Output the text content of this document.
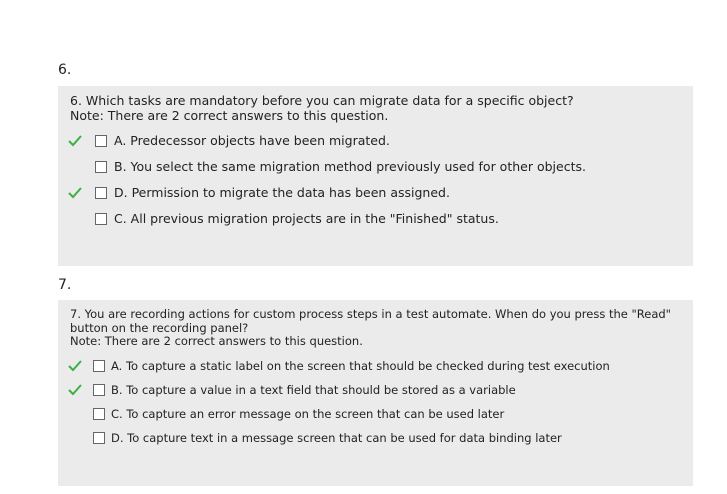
6.
6. Which tasks are mandatory before you can migrate data for a specific object?
Note: There are 2 correct answers to this question.
A. Predecessor objects have been migrated.
B. You select the same migration method previously used for other objects.
D. Permission to migrate the data has been assigned.
C. All previous migration projects are in the "Finished" status.
7.
7. You are recording actions for custom process steps in a test automate. When do you press the "Read"
button on the recording panel?
Note: There are 2 correct answers to this question.
A. To capture a static label on the screen that should be checked during test execution
B. To capture a value in a text field that should be stored as a variable
C. To capture an error message on the screen that can be used later
D. To capture text in a message screen that can be used for data binding later
